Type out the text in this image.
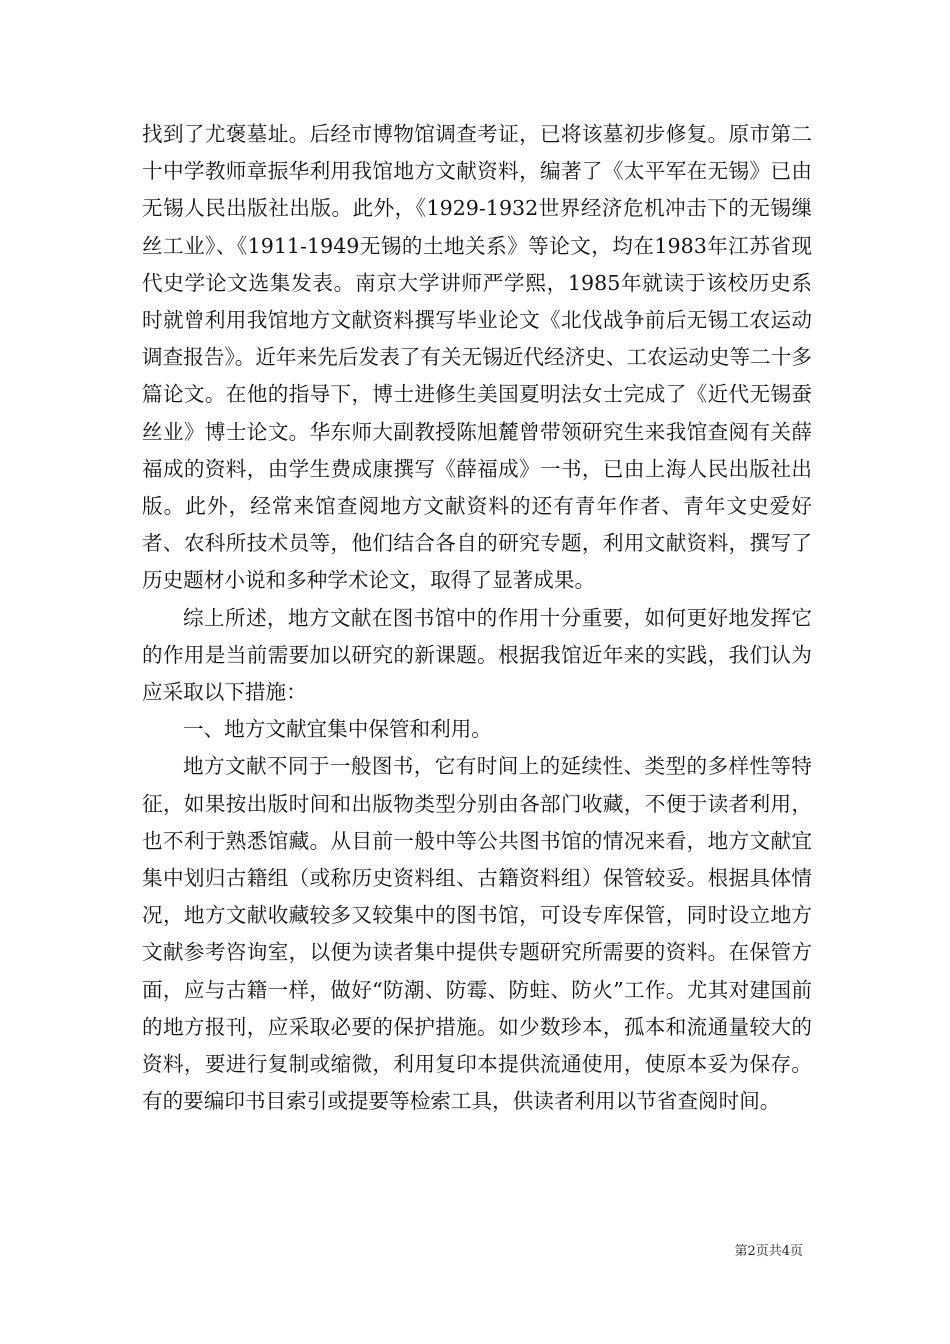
找到了尤褒墓址。后经市博物馆调查考证，已将该墓初步修复。原市第二十中学教师章振华利用我馆地方文献资料，编著了《太平军在无锡》已由无锡人民出版社出版。此外，《1929-1932世界经济危机冲击下的无锡缫丝工业》、《1911-1949无锡的土地关系》等论文，均在1983年江苏省现代史学论文选集发表。南京大学讲师严学熙，1985年就读于该校历史系时就曾利用我馆地方文献资料撰写毕业论文《北伐战争前后无锡工农运动调查报告》。近年来先后发表了有关无锡近代经济史、工农运动史等二十多篇论文。在他的指导下，博士进修生美国夏明法女士完成了《近代无锡蚕丝业》博士论文。华东师大副教授陈旭麓曾带领研究生来我馆查阅有关薛福成的资料，由学生费成康撰写《薛福成》一书，已由上海人民出版社出版。此外，经常来馆查阅地方文献资料的还有青年作者、青年文史爱好者、农科所技术员等，他们结合各自的研究专题，利用文献资料，撰写了历史题材小说和多种学术论文，取得了显著成果。

综上所述，地方文献在图书馆中的作用十分重要，如何更好地发挥它的作用是当前需要加以研究的新课题。根据我馆近年来的实践，我们认为应采取以下措施：

一、地方文献宜集中保管和利用。

地方文献不同于一般图书，它有时间上的延续性、类型的多样性等特征，如果按出版时间和出版物类型分别由各部门收藏，不便于读者利用，也不利于熟悉馆藏。从目前一般中等公共图书馆的情况来看，地方文献宜集中划归古籍组（或称历史资料组、古籍资料组）保管较妥。根据具体情况，地方文献收藏较多又较集中的图书馆，可设专库保管，同时设立地方文献参考咨询室，以便为读者集中提供专题研究所需要的资料。在保管方面，应与古籍一样，做好“防潮、防霉、防蛀、防火”工作。尤其对建国前的地方报刊，应采取必要的保护措施。如少数珍本，孤本和流通量较大的资料，要进行复制或缩微，利用复印本提供流通使用，使原本妥为保存。有的要编印书目索引或提要等检索工具，供读者利用以节省查阅时间。

第2页共4页
